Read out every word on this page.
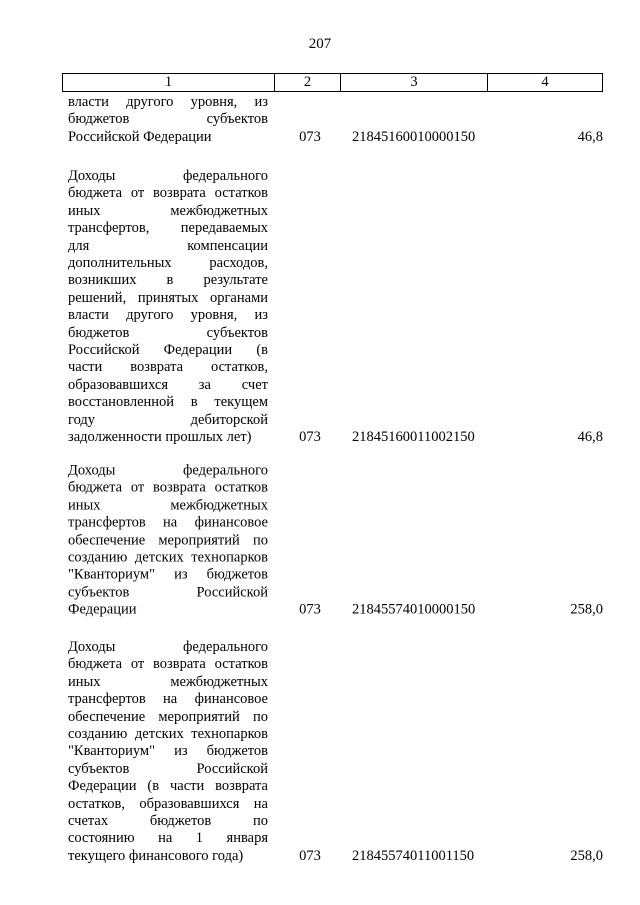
207
1	2	3	4
власти другого уровня, из
бюджетов субъектов
Российской Федерации	073 21845160010000150	46,8
Доходы федерального
бюджета от возврата остатков
иных межбюджетных
трансфертов, передаваемых
для компенсации
дополнительных расходов,
возникших в результате
решений, принятых органами
власти другого уровня, из
бюджетов субъектов
Российской Федерации (в
части возврата остатков,
образовавшихся за счет
восстановленной в текущем
году дебиторской
задолженности прошлых лет)	073 21845160011002150	46,8
Доходы федерального
бюджета от возврата остатков
иных межбюджетных
трансфертов на финансовое
обеспечение мероприятий по
созданию детских технопарков
"Кванториум" из бюджетов
субъектов Российской
Федерации	073 21845574010000150	258,0
Доходы федерального
бюджета от возврата остатков
иных межбюджетных
трансфертов на финансовое
обеспечение мероприятий по
созданию детских технопарков
"Кванториум" из бюджетов
субъектов Российской
Федерации (в части возврата
остатков, образовавшихся на
счетах бюджетов по
состоянию на 1 января
текущего финансового года)	073 21845574011001150	258,0
